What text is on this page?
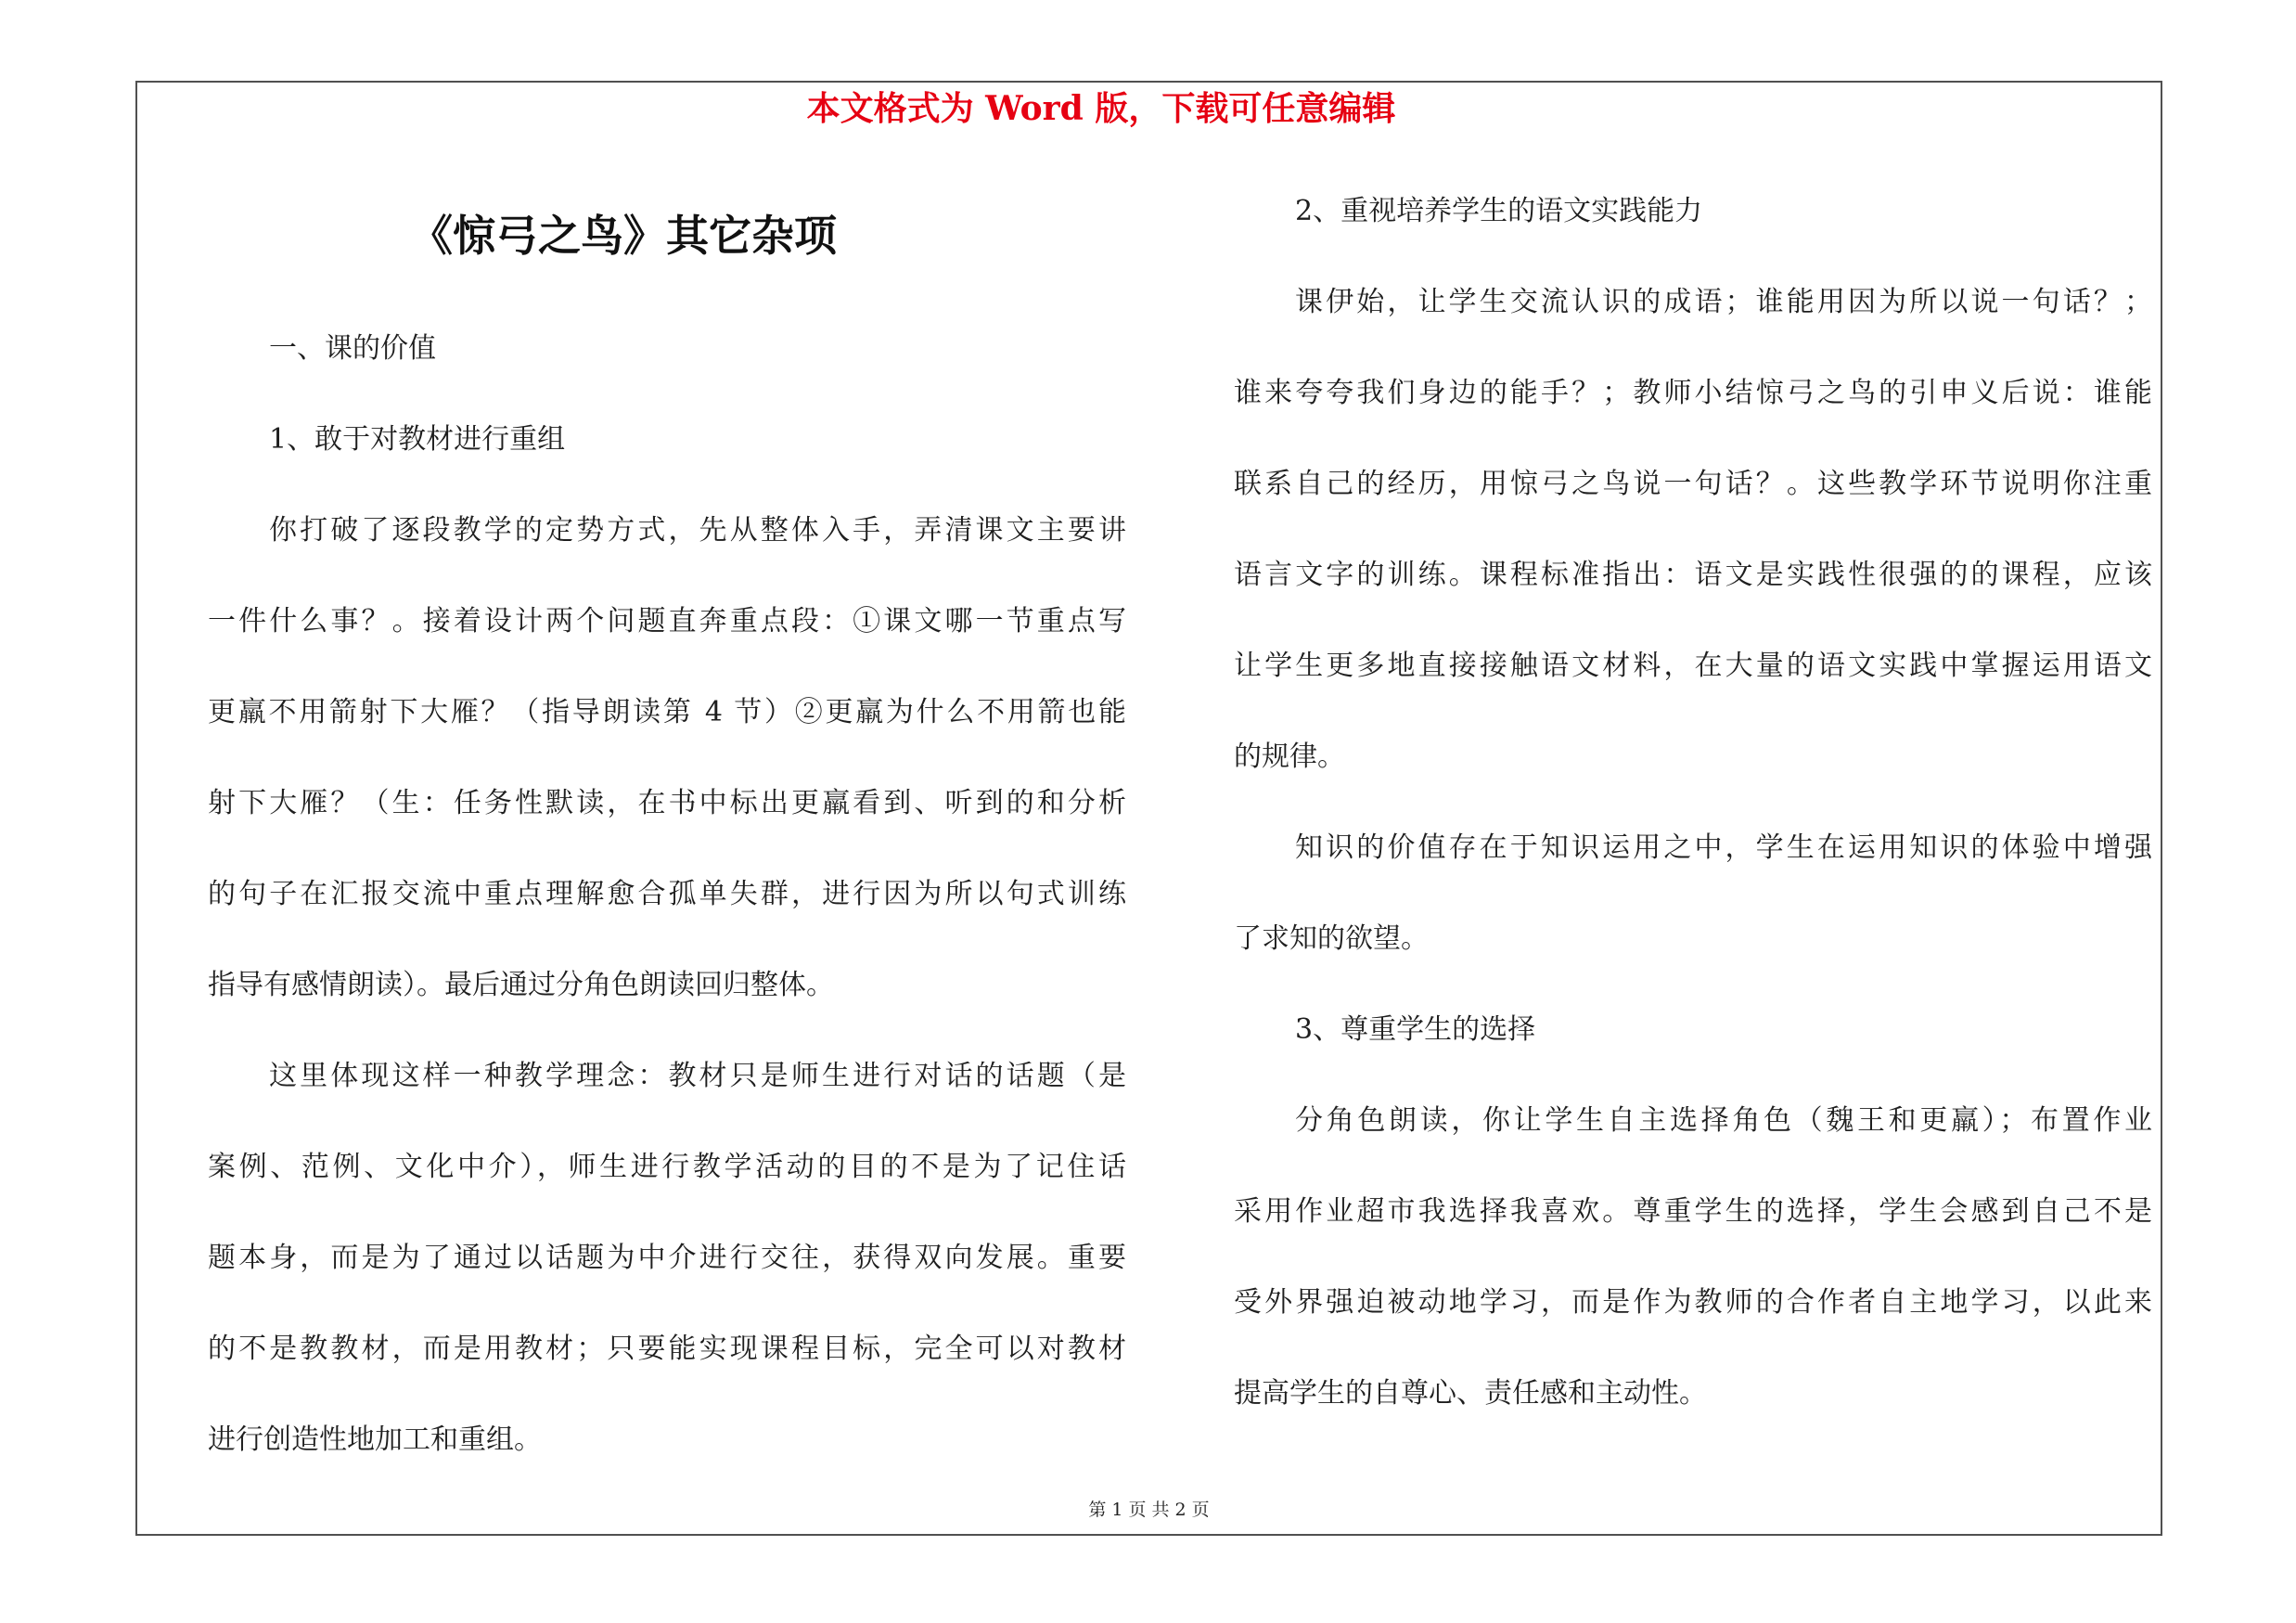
本文格式为 Word 版，下载可任意编辑
《惊弓之鸟》其它杂项
一、课的价值
1、敢于对教材进行重组
你打破了逐段教学的定势方式，先从整体入手，弄清课文主要讲
一件什么事？。接着设计两个问题直奔重点段：①课文哪一节重点写
更羸不用箭射下大雁？（指导朗读第 4 节）②更羸为什么不用箭也能
射下大雁？（生：任务性默读，在书中标出更羸看到、听到的和分析
的句子在汇报交流中重点理解愈合孤单失群，进行因为所以句式训练
指导有感情朗读）。最后通过分角色朗读回归整体。
这里体现这样一种教学理念：教材只是师生进行对话的话题（是
案例、范例、文化中介），师生进行教学活动的目的不是为了记住话
题本身，而是为了通过以话题为中介进行交往，获得双向发展。重要
的不是教教材，而是用教材；只要能实现课程目标，完全可以对教材
进行创造性地加工和重组。
2、重视培养学生的语文实践能力
课伊始，让学生交流认识的成语；谁能用因为所以说一句话？；
谁来夸夸我们身边的能手？；教师小结惊弓之鸟的引申义后说：谁能
联系自己的经历，用惊弓之鸟说一句话？。这些教学环节说明你注重
语言文字的训练。课程标准指出：语文是实践性很强的的课程，应该
让学生更多地直接接触语文材料，在大量的语文实践中掌握运用语文
的规律。
知识的价值存在于知识运用之中，学生在运用知识的体验中增强
了求知的欲望。
3、尊重学生的选择
分角色朗读，你让学生自主选择角色（魏王和更羸）；布置作业
采用作业超市我选择我喜欢。尊重学生的选择，学生会感到自己不是
受外界强迫被动地学习，而是作为教师的合作者自主地学习，以此来
提高学生的自尊心、责任感和主动性。
第 1 页 共 2 页
